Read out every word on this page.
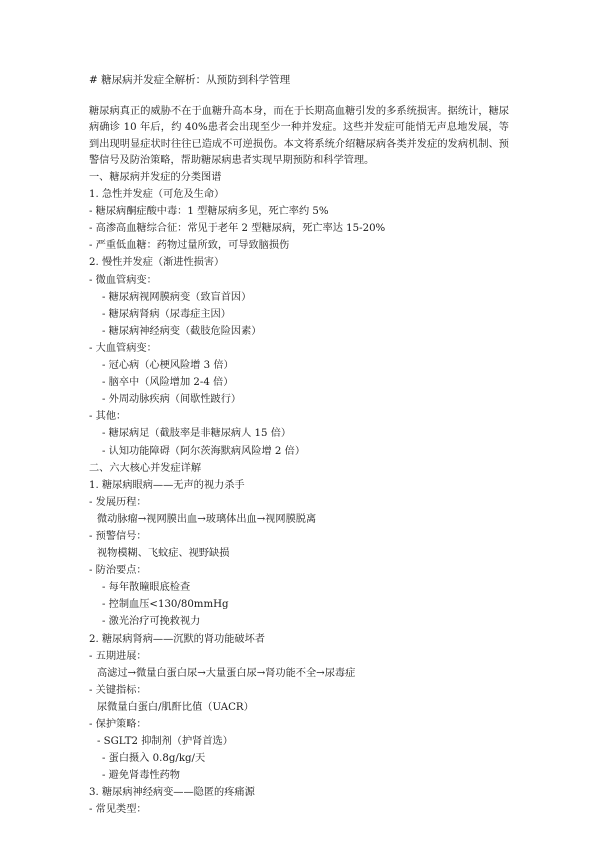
# 糖尿病并发症全解析：从预防到科学管理
糖尿病真正的威胁不在于血糖升高本身，而在于长期高血糖引发的多系统损害。据统计，糖尿病确诊 10 年后，约 40%患者会出现至少一种并发症。这些并发症可能悄无声息地发展，等到出现明显症状时往往已造成不可逆损伤。本文将系统介绍糖尿病各类并发症的发病机制、预警信号及防治策略，帮助糖尿病患者实现早期预防和科学管理。
一、糖尿病并发症的分类图谱
1. 急性并发症（可危及生命）
- 糖尿病酮症酸中毒：1 型糖尿病多见，死亡率约 5%
- 高渗高血糖综合征：常见于老年 2 型糖尿病，死亡率达 15-20%
- 严重低血糖：药物过量所致，可导致脑损伤
2. 慢性并发症（渐进性损害）
- 微血管病变：
- 糖尿病视网膜病变（致盲首因）
- 糖尿病肾病（尿毒症主因）
- 糖尿病神经病变（截肢危险因素）
- 大血管病变：
- 冠心病（心梗风险增 3 倍）
- 脑卒中（风险增加 2-4 倍）
- 外周动脉疾病（间歇性跛行）
- 其他：
- 糖尿病足（截肢率是非糖尿病人 15 倍）
- 认知功能障碍（阿尔茨海默病风险增 2 倍）
二、六大核心并发症详解
1. 糖尿病眼病——无声的视力杀手
- 发展历程：
微动脉瘤→视网膜出血→玻璃体出血→视网膜脱离
- 预警信号：
视物模糊、飞蚊症、视野缺损
- 防治要点：
- 每年散瞳眼底检查
- 控制血压<130/80mmHg
- 激光治疗可挽救视力
2. 糖尿病肾病——沉默的肾功能破坏者
- 五期进展：
高滤过→微量白蛋白尿→大量蛋白尿→肾功能不全→尿毒症
- 关键指标：
尿微量白蛋白/肌酐比值（UACR）
- 保护策略：
- SGLT2 抑制剂（护肾首选）
- 蛋白摄入 0.8g/kg/天
- 避免肾毒性药物
3. 糖尿病神经病变——隐匿的疼痛源
- 常见类型：
